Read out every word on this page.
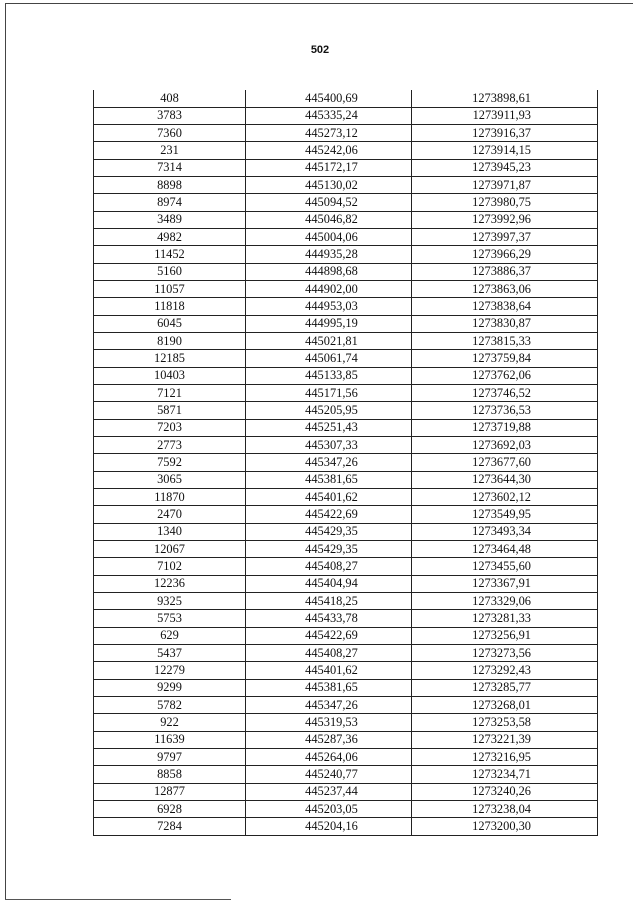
502
408	445400,69	1273898,61
3783	445335,24	1273911,93
7360	445273,12	1273916,37
231	445242,06	1273914,15
7314	445172,17	1273945,23
8898	445130,02	1273971,87
8974	445094,52	1273980,75
3489	445046,82	1273992,96
4982	445004,06	1273997,37
11452	444935,28	1273966,29
5160	444898,68	1273886,37
11057	444902,00	1273863,06
11818	444953,03	1273838,64
6045	444995,19	1273830,87
8190	445021,81	1273815,33
12185	445061,74	1273759,84
10403	445133,85	1273762,06
7121	445171,56	1273746,52
5871	445205,95	1273736,53
7203	445251,43	1273719,88
2773	445307,33	1273692,03
7592	445347,26	1273677,60
3065	445381,65	1273644,30
11870	445401,62	1273602,12
2470	445422,69	1273549,95
1340	445429,35	1273493,34
12067	445429,35	1273464,48
7102	445408,27	1273455,60
12236	445404,94	1273367,91
9325	445418,25	1273329,06
5753	445433,78	1273281,33
629	445422,69	1273256,91
5437	445408,27	1273273,56
12279	445401,62	1273292,43
9299	445381,65	1273285,77
5782	445347,26	1273268,01
922	445319,53	1273253,58
11639	445287,36	1273221,39
9797	445264,06	1273216,95
8858	445240,77	1273234,71
12877	445237,44	1273240,26
6928	445203,05	1273238,04
7284	445204,16	1273200,30
